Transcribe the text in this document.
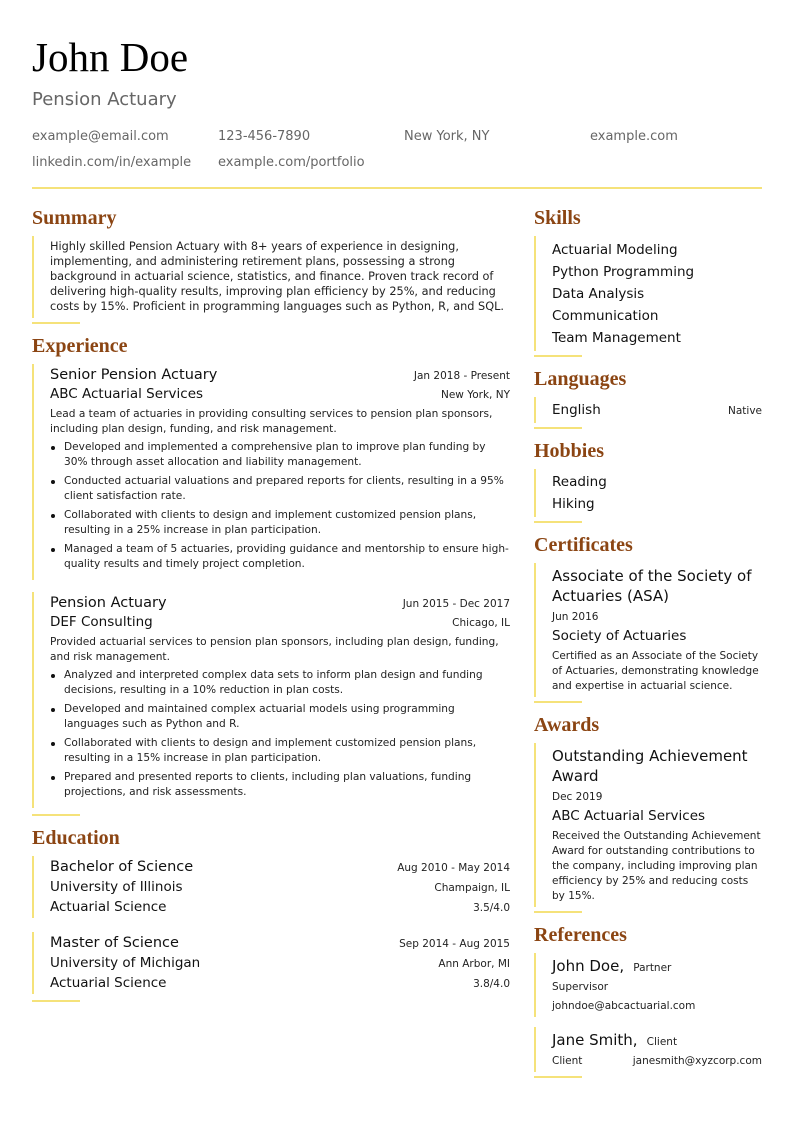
John Doe
Pension Actuary
example@email.com	123-456-7890	New York, NY	example.com
linkedin.com/in/example	example.com/portfolio
Summary
Highly skilled Pension Actuary with 8+ years of experience in designing, implementing, and administering retirement plans, possessing a strong background in actuarial science, statistics, and finance. Proven track record of delivering high-quality results, improving plan efficiency by 25%, and reducing costs by 15%. Proficient in programming languages such as Python, R, and SQL.
Experience
Senior Pension Actuary	Jan 2018 - Present
ABC Actuarial Services	New York, NY
Lead a team of actuaries in providing consulting services to pension plan sponsors, including plan design, funding, and risk management.
Developed and implemented a comprehensive plan to improve plan funding by 30% through asset allocation and liability management.
Conducted actuarial valuations and prepared reports for clients, resulting in a 95% client satisfaction rate.
Collaborated with clients to design and implement customized pension plans, resulting in a 25% increase in plan participation.
Managed a team of 5 actuaries, providing guidance and mentorship to ensure high-quality results and timely project completion.
Pension Actuary	Jun 2015 - Dec 2017
DEF Consulting	Chicago, IL
Provided actuarial services to pension plan sponsors, including plan design, funding, and risk management.
Analyzed and interpreted complex data sets to inform plan design and funding decisions, resulting in a 10% reduction in plan costs.
Developed and maintained complex actuarial models using programming languages such as Python and R.
Collaborated with clients to design and implement customized pension plans, resulting in a 15% increase in plan participation.
Prepared and presented reports to clients, including plan valuations, funding projections, and risk assessments.
Education
Bachelor of Science	Aug 2010 - May 2014
University of Illinois	Champaign, IL
Actuarial Science	3.5/4.0
Master of Science	Sep 2014 - Aug 2015
University of Michigan	Ann Arbor, MI
Actuarial Science	3.8/4.0
Skills
Actuarial Modeling
Python Programming
Data Analysis
Communication
Team Management
Languages
English	Native
Hobbies
Reading
Hiking
Certificates
Associate of the Society of Actuaries (ASA)
Jun 2016
Society of Actuaries
Certified as an Associate of the Society of Actuaries, demonstrating knowledge and expertise in actuarial science.
Awards
Outstanding Achievement Award
Dec 2019
ABC Actuarial Services
Received the Outstanding Achievement Award for outstanding contributions to the company, including improving plan efficiency by 25% and reducing costs by 15%.
References
John Doe, Partner
Supervisor
johndoe@abcactuarial.com
Jane Smith, Client
Client	janesmith@xyzcorp.com
